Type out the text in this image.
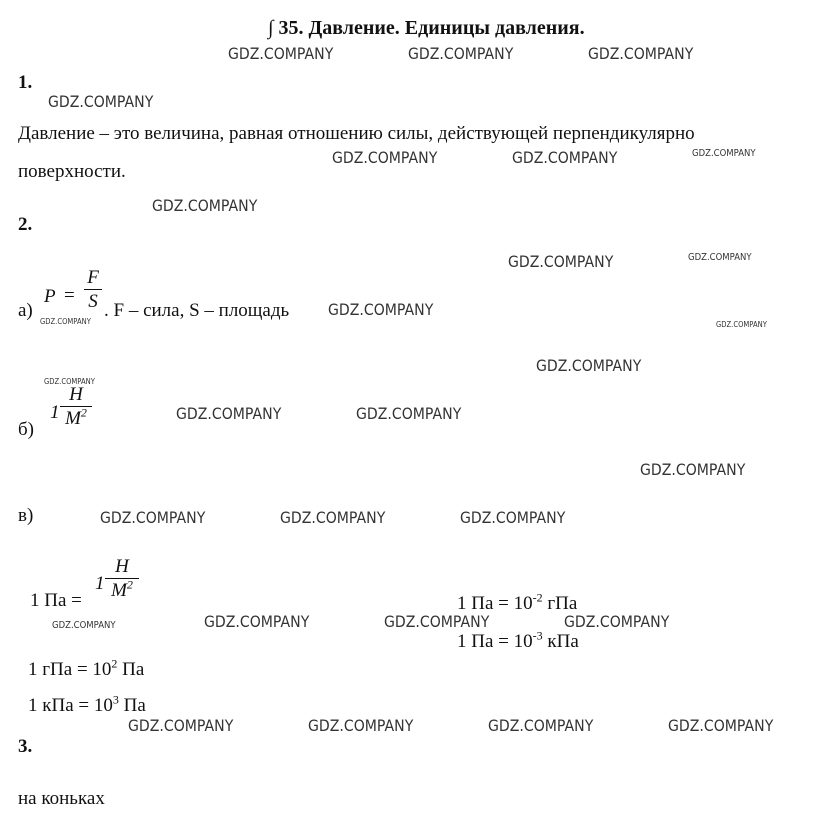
∫ 35. Давление. Единицы давления.
1.
Давление – это величина, равная отношению силы, действующей перпендикулярно
поверхности.
2.
а)
P =
F
S . F – сила, S – площадь
б)
1
Н
$М^2$
в)
1 Па =
1
Н
$М^2$
1 Па = $10^{-2}$ гПа
1 Па = $10^{-3}$ кПа
1 гПа = $10^2$ Па
1 кПа = $10^3$ Па
3.
на коньках
GDZ.COMPANY	GDZ.COMPANY	GDZ.COMPANY
GDZ.COMPANY
GDZ.COMPANY	GDZ.COMPANY	GDZ.COMPANY
GDZ.COMPANY
GDZ.COMPANY	GDZ.COMPANY
GDZ.COMPANY
GDZ.COMPANY	GDZ.COMPANY
GDZ.COMPANY
GDZ.COMPANY
GDZ.COMPANY	GDZ.COMPANY
GDZ.COMPANY
GDZ.COMPANY	GDZ.COMPANY	GDZ.COMPANY
GDZ.COMPANY	GDZ.COMPANY	GDZ.COMPANY	GDZ.COMPANY
GDZ.COMPANY	GDZ.COMPANY	GDZ.COMPANY	GDZ.COMPANY
